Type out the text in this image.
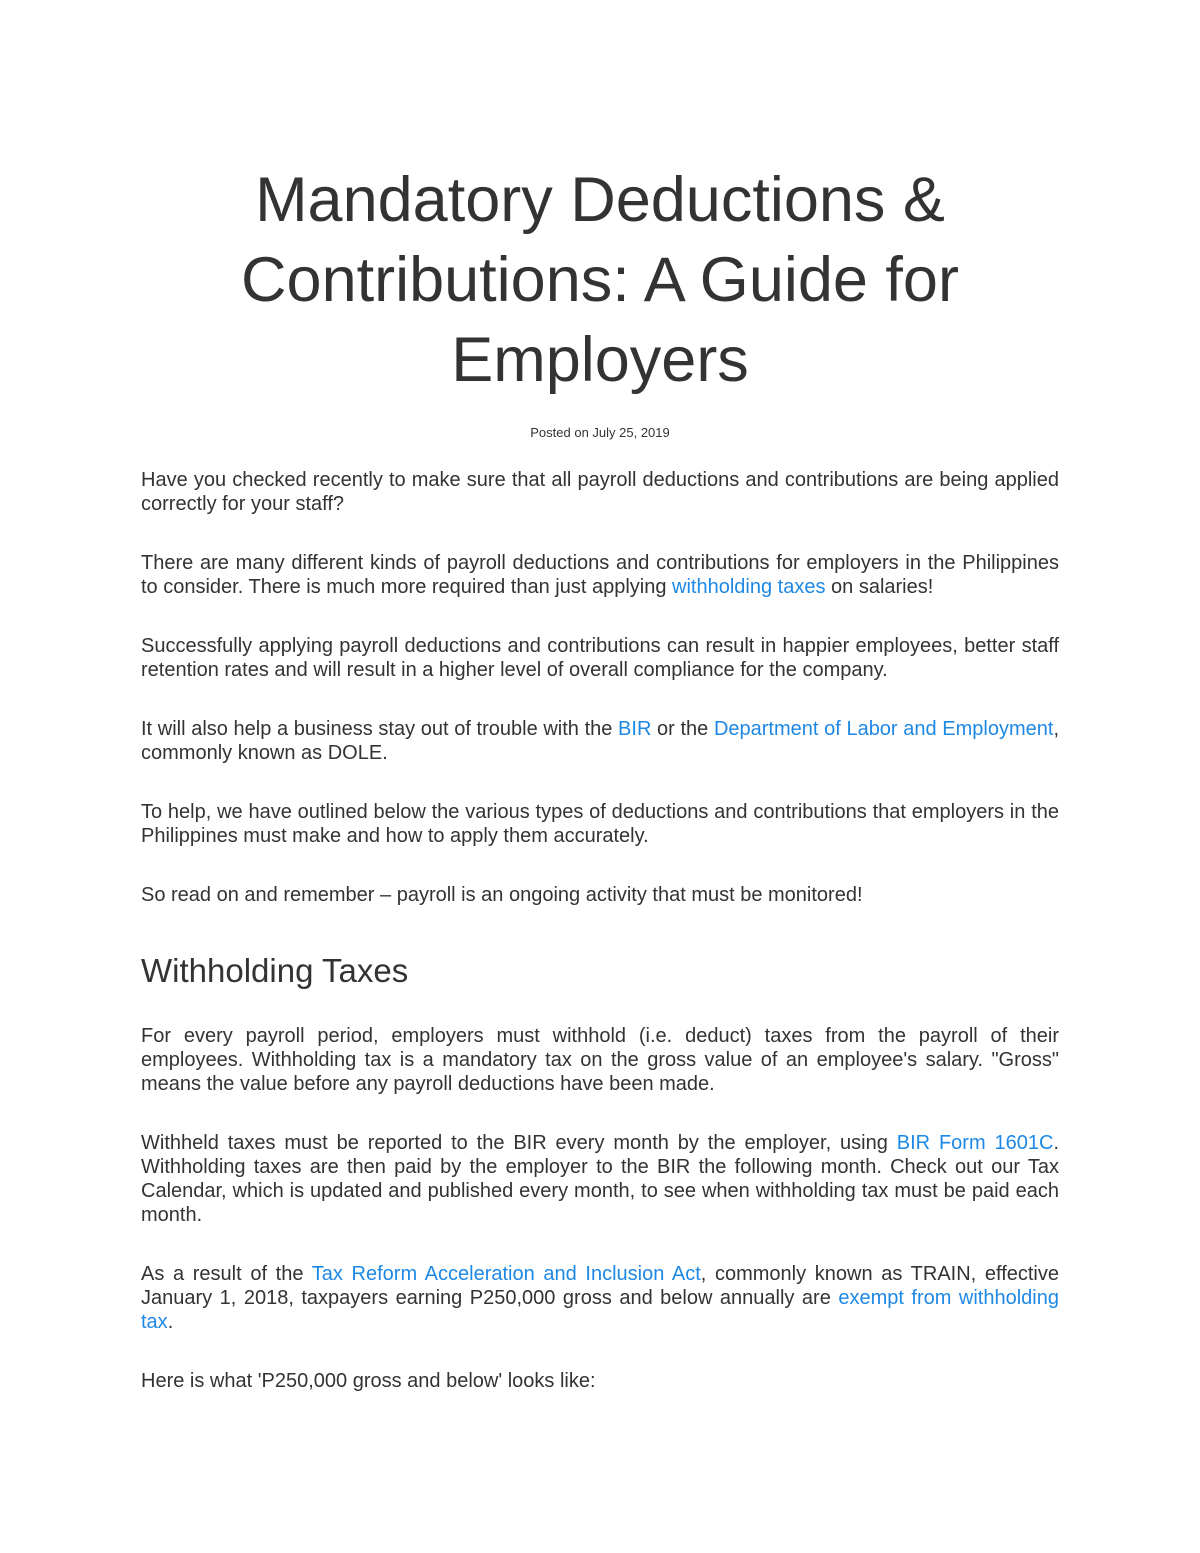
Mandatory Deductions & Contributions: A Guide for Employers
Posted on July 25, 2019

Have you checked recently to make sure that all payroll deductions and contributions are being applied correctly for your staff?

There are many different kinds of payroll deductions and contributions for employers in the Philippines to consider. There is much more required than just applying withholding taxes on salaries!

Successfully applying payroll deductions and contributions can result in happier employees, better staff retention rates and will result in a higher level of overall compliance for the company.

It will also help a business stay out of trouble with the BIR or the Department of Labor and Employment, commonly known as DOLE.

To help, we have outlined below the various types of deductions and contributions that employers in the Philippines must make and how to apply them accurately.

So read on and remember – payroll is an ongoing activity that must be monitored!

Withholding Taxes

For every payroll period, employers must withhold (i.e. deduct) taxes from the payroll of their employees. Withholding tax is a mandatory tax on the gross value of an employee's salary. "Gross" means the value before any payroll deductions have been made.

Withheld taxes must be reported to the BIR every month by the employer, using BIR Form 1601C. Withholding taxes are then paid by the employer to the BIR the following month. Check out our Tax Calendar, which is updated and published every month, to see when withholding tax must be paid each month.

As a result of the Tax Reform Acceleration and Inclusion Act, commonly known as TRAIN, effective January 1, 2018, taxpayers earning P250,000 gross and below annually are exempt from withholding tax.

Here is what 'P250,000 gross and below' looks like:
